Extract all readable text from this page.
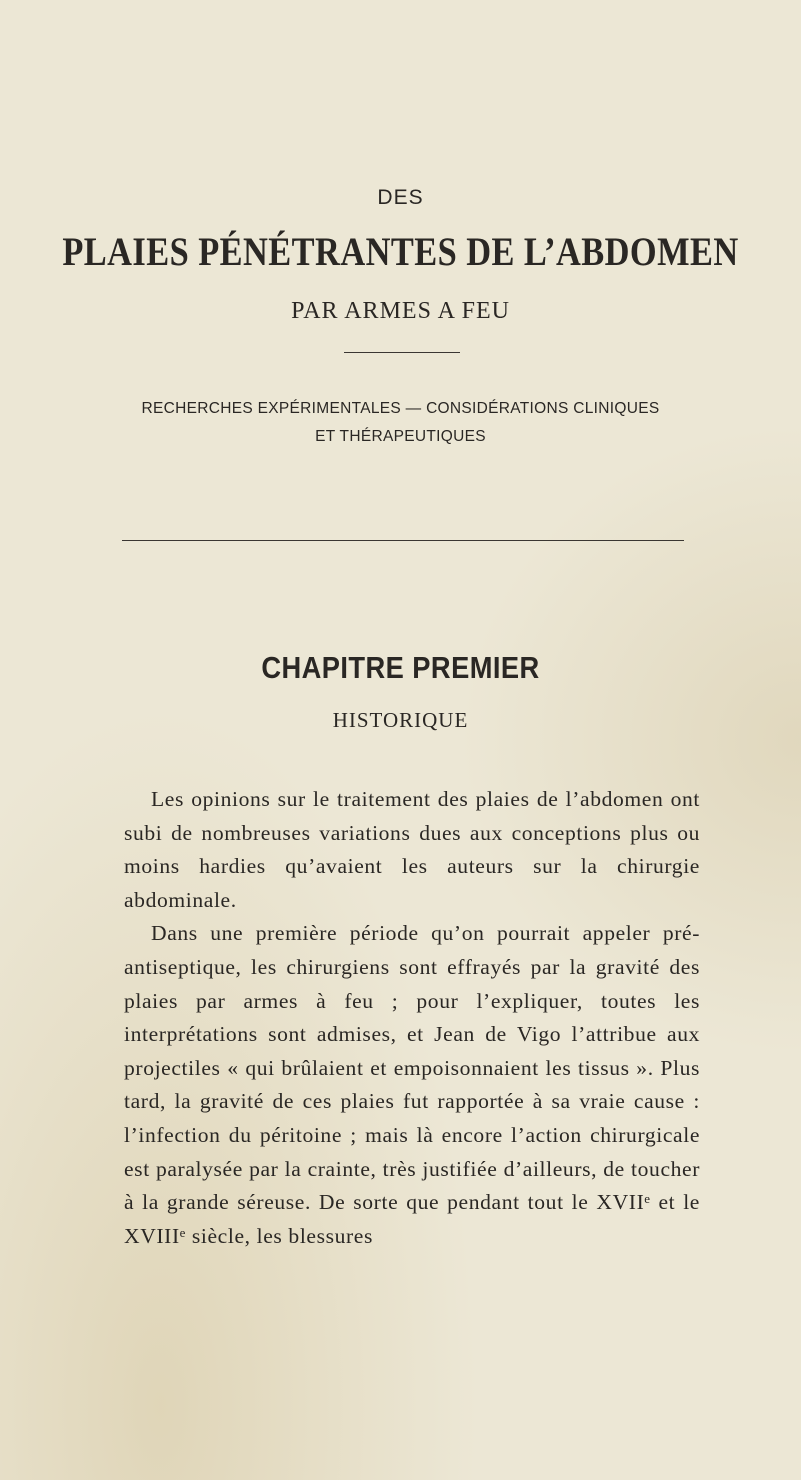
DES
PLAIES PÉNÉTRANTES DE L’ABDOMEN
PAR ARMES A FEU
RECHERCHES EXPÉRIMENTALES — CONSIDÉRATIONS CLINIQUES
ET THÉRAPEUTIQUES
CHAPITRE PREMIER
HISTORIQUE

Les opinions sur le traitement des plaies de l’abdomen ont subi de nombreuses variations dues aux conceptions plus ou moins hardies qu’avaient les auteurs sur la chirurgie abdominale.

Dans une première période qu’on pourrait appeler pré-antiseptique, les chirurgiens sont effrayés par la gravité des plaies par armes à feu ; pour l’expliquer, toutes les interprétations sont admises, et Jean de Vigo l’attribue aux projectiles « qui brûlaient et empoisonnaient les tissus ». Plus tard, la gravité de ces plaies fut rapportée à sa vraie cause : l’infection du péritoine ; mais là encore l’action chirurgicale est paralysée par la crainte, très justifiée d’ailleurs, de toucher à la grande séreuse. De sorte que pendant tout le XVIIᵉ et le XVIIIᵉ siècle, les blessures
